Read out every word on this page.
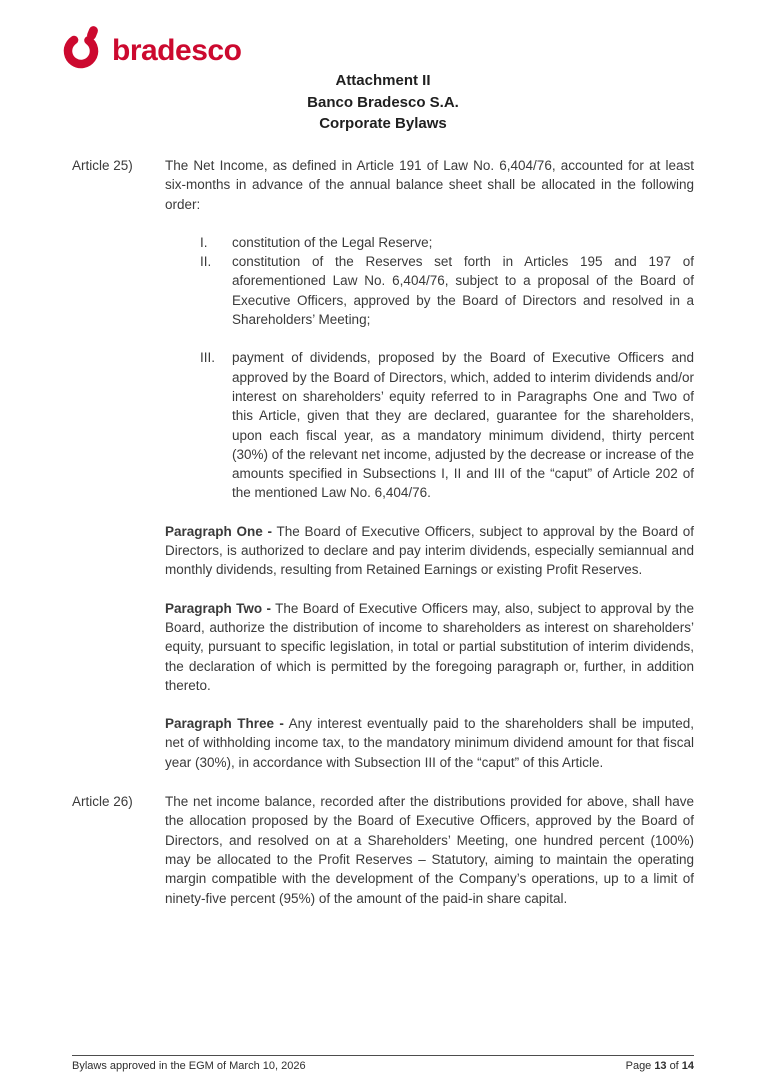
bradesco
Attachment II
Banco Bradesco S.A.
Corporate Bylaws
Article 25)	The Net Income, as defined in Article 191 of Law No. 6,404/76, accounted for at least six-months in advance of the annual balance sheet shall be allocated in the following order:
I.	constitution of the Legal Reserve;
II.	constitution of the Reserves set forth in Articles 195 and 197 of aforementioned Law No. 6,404/76, subject to a proposal of the Board of Executive Officers, approved by the Board of Directors and resolved in a Shareholders’ Meeting;
III.	payment of dividends, proposed by the Board of Executive Officers and approved by the Board of Directors, which, added to interim dividends and/or interest on shareholders’ equity referred to in Paragraphs One and Two of this Article, given that they are declared, guarantee for the shareholders, upon each fiscal year, as a mandatory minimum dividend, thirty percent (30%) of the relevant net income, adjusted by the decrease or increase of the amounts specified in Subsections I, II and III of the “caput” of Article 202 of the mentioned Law No. 6,404/76.

Paragraph One - The Board of Executive Officers, subject to approval by the Board of Directors, is authorized to declare and pay interim dividends, especially semiannual and monthly dividends, resulting from Retained Earnings or existing Profit Reserves.

Paragraph Two - The Board of Executive Officers may, also, subject to approval by the Board, authorize the distribution of income to shareholders as interest on shareholders’ equity, pursuant to specific legislation, in total or partial substitution of interim dividends, the declaration of which is permitted by the foregoing paragraph or, further, in addition thereto.

Paragraph Three - Any interest eventually paid to the shareholders shall be imputed, net of withholding income tax, to the mandatory minimum dividend amount for that fiscal year (30%), in accordance with Subsection III of the “caput” of this Article.

Article 26)	The net income balance, recorded after the distributions provided for above, shall have the allocation proposed by the Board of Executive Officers, approved by the Board of Directors, and resolved on at a Shareholders’ Meeting, one hundred percent (100%) may be allocated to the Profit Reserves – Statutory, aiming to maintain the operating margin compatible with the development of the Company’s operations, up to a limit of ninety-five percent (95%) of the amount of the paid-in share capital.
Bylaws approved in the EGM of March 10, 2026	Page 13 of 14
